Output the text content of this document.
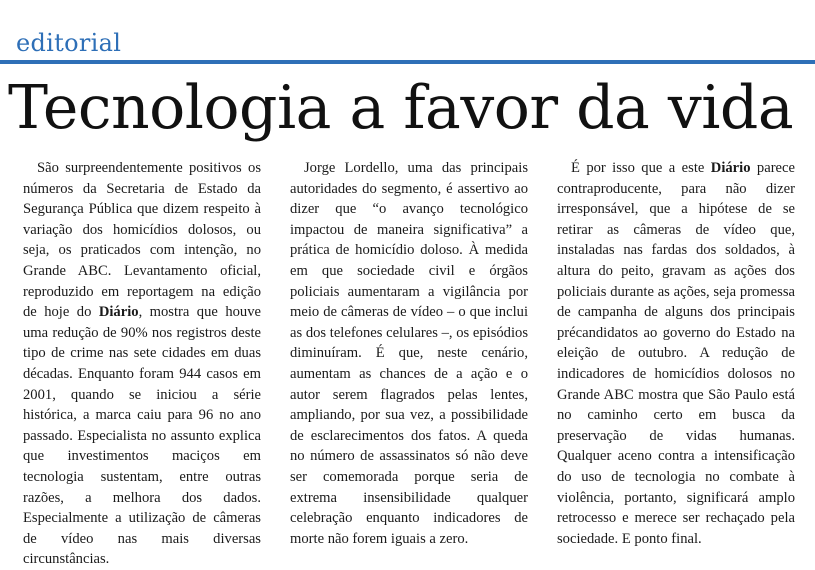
editorial
Tecnologia a favor da vida

São surpreendentemente positivos os números da Secretaria de Estado da Segurança Pública que dizem respeito à variação dos homicídios dolosos, ou seja, os praticados com intenção, no Grande ABC. Levantamento oficial, reproduzido em reportagem na edição de hoje do Diário, mostra que houve uma redução de 90% nos registros deste tipo de crime nas sete cidades em duas décadas. Enquanto foram 944 casos em 2001, quando se iniciou a série histórica, a marca caiu para 96 no ano passado. Especialista no assunto explica que investimentos maciços em tecnologia sustentam, entre outras razões, a melhora dos dados. Especialmente a utilização de câmeras de vídeo nas mais diversas circunstâncias.

Jorge Lordello, uma das principais autoridades do segmento, é assertivo ao dizer que “o avanço tecnológico impactou de maneira significativa” a prática de homicídio doloso. À medida em que sociedade civil e órgãos policiais aumentaram a vigilância por meio de câmeras de vídeo – o que inclui as dos telefones celulares –, os episódios diminuíram. É que, neste cenário, aumentam as chances de a ação e o autor serem flagrados pelas lentes, ampliando, por sua vez, a possibilidade de esclarecimentos dos fatos. A queda no número de assassinatos só não deve ser comemorada porque seria de extrema insensibilidade qualquer celebração enquanto indicadores de morte não forem iguais a zero.

É por isso que a este Diário parece contraproducente, para não dizer irresponsável, que a hipótese de se retirar as câmeras de vídeo que, instaladas nas fardas dos soldados, à altura do peito, gravam as ações dos policiais durante as ações, seja promessa de campanha de alguns dos principais précandidatos ao governo do Estado na eleição de outubro. A redução de indicadores de homicídios dolosos no Grande ABC mostra que São Paulo está no caminho certo em busca da preservação de vidas humanas. Qualquer aceno contra a intensificação do uso de tecnologia no combate à violência, portanto, significará amplo retrocesso e merece ser rechaçado pela sociedade. E ponto final.
